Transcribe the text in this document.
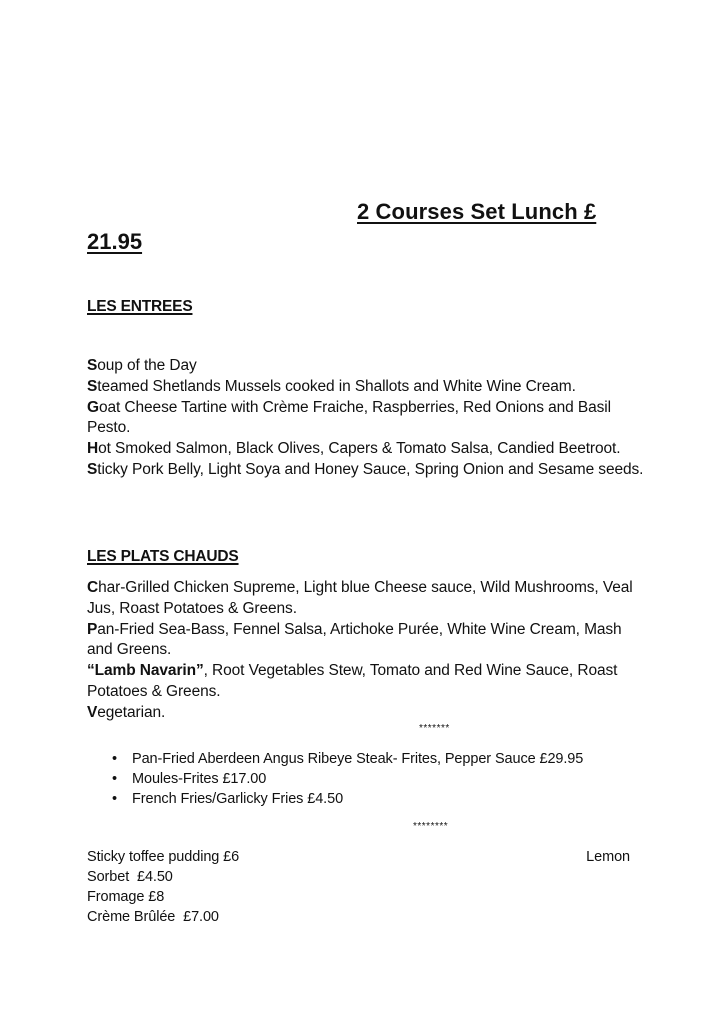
2 Courses Set Lunch £
21.95
LES ENTREES
Soup of the Day
Steamed Shetlands Mussels cooked in Shallots and White Wine Cream.
Goat Cheese Tartine with Crème Fraiche, Raspberries, Red Onions and Basil Pesto.
Hot Smoked Salmon, Black Olives, Capers & Tomato Salsa, Candied Beetroot.
Sticky Pork Belly, Light Soya and Honey Sauce, Spring Onion and Sesame seeds.
LES PLATS CHAUDS
Char-Grilled Chicken Supreme, Light blue Cheese sauce, Wild Mushrooms, Veal Jus, Roast Potatoes & Greens.
Pan-Fried Sea-Bass, Fennel Salsa, Artichoke Purée, White Wine Cream, Mash and Greens.
“Lamb Navarin”, Root Vegetables Stew, Tomato and Red Wine Sauce, Roast Potatoes & Greens.
Vegetarian.
*******
• Pan-Fried Aberdeen Angus Ribeye Steak- Frites, Pepper Sauce £29.95
• Moules-Frites £17.00
• French Fries/Garlicky Fries £4.50
********
Sticky toffee pudding £6
Sorbet  £4.50
Fromage £8
Crème Brûlée  £7.00
Lemon
